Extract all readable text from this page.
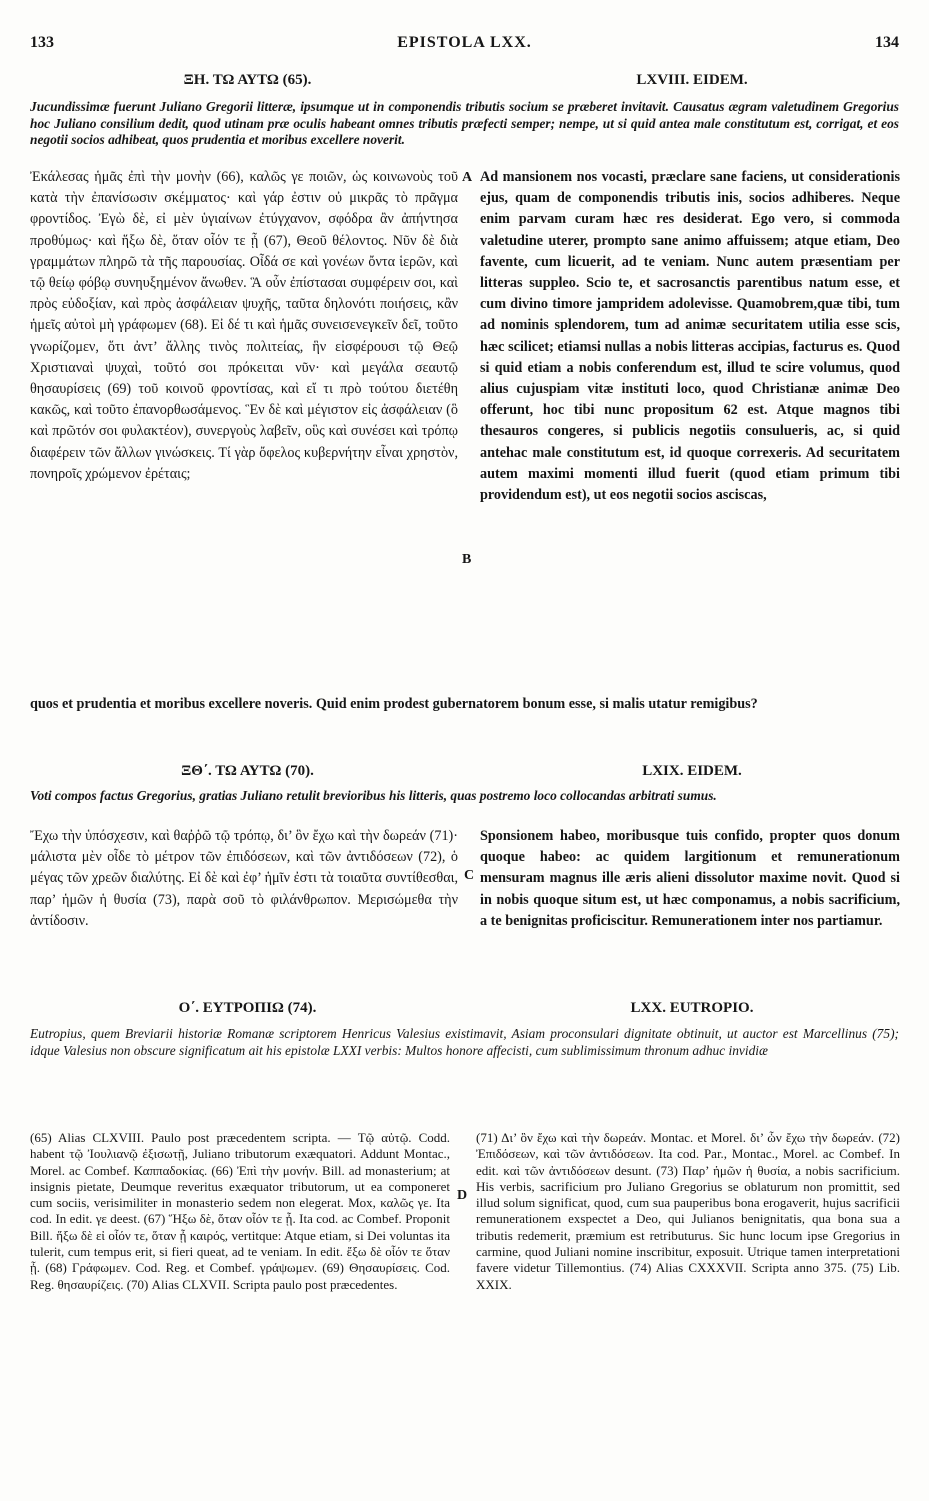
133	EPISTOLA LXX.	134
ΞΗ. ΤΩ ΑΥΤΩ (65).	LXVIII. EIDEM.
Jucundissimæ fuerunt Juliano Gregorii litteræ, ipsumque ut in componendis tributis socium se præberet invitavit. Causatus ægram valetudinem Gregorius hoc Juliano consilium dedit, quod utinam præ oculis habeant omnes tributis præfecti semper; nempe, ut si quid antea male constitutum est, corrigat, et eos negotii socios adhibeat, quos prudentia et moribus excellere noverit.
Ἐκάλεσας ἡμᾶς ἐπὶ τὴν μονὴν (66), καλῶς γε ποιῶν, ὡς κοινωνοὺς τοῦ κατὰ τὴν ἐπανίσωσιν σκέμματος· καὶ γάρ ἐστιν οὐ μικρᾶς τὸ πρᾶγμα φροντίδος. Ἐγὼ δὲ, εἰ μὲν ὑγιαίνων ἐτύγχανον, σφόδρα ἂν ἀπήντησα προθύμως· καὶ ἥξω δὲ, ὅταν οἷόν τε ᾖ (67), Θεοῦ θέλοντος. Νῦν δὲ διὰ γραμμάτων πληρῶ τὰ τῆς παρουσίας. Οἶδά σε καὶ γονέων ὄντα ἱερῶν, καὶ τῷ θείῳ φόβῳ συνηυξημένον ἄνωθεν. Ἃ οὖν ἐπίστασαι συμφέρειν σοι, καὶ πρὸς εὐδοξίαν, καὶ πρὸς ἀσφάλειαν ψυχῆς, ταῦτα δηλονότι ποιήσεις, κἂν ἡμεῖς αὐτοὶ μὴ γράφωμεν (68). Εἰ δέ τι καὶ ἡμᾶς συνεισενεγκεῖν δεῖ, τοῦτο γνωρίζομεν, ὅτι ἀντ’ ἄλλης τινὸς πολιτείας, ἣν εἰσφέρουσι τῷ Θεῷ Χριστιαναὶ ψυχαὶ, τοῦτό σοι πρόκειται νῦν· καὶ μεγάλα σεαυτῷ θησαυρίσεις (69) τοῦ κοινοῦ φροντίσας, καὶ εἴ τι πρὸ τούτου διετέθη κακῶς, καὶ τοῦτο ἐπανορθωσάμενος. Ἓν δὲ καὶ μέγιστον εἰς ἀσφάλειαν (ὃ καὶ πρῶτόν σοι φυλακτέον), συνεργοὺς λαβεῖν, οὓς καὶ συνέσει καὶ τρόπῳ διαφέρειν τῶν ἄλλων γινώσκεις. Τί γὰρ ὄφελος κυβερνήτην εἶναι χρηστὸν, πονηροῖς χρώμενον ἐρέταις;
Ad mansionem nos vocasti, præclare sane faciens, ut considerationis ejus, quam de componendis tributis inis, socios adhiberes. Neque enim parvam curam hæc res desiderat. Ego vero, si commoda valetudine uterer, prompto sane animo affuissem; atque etiam, Deo favente, cum licuerit, ad te veniam. Nunc autem præsentiam per litteras suppleo. Scio te, et sacrosanctis parentibus natum esse, et cum divino timore jampridem adolevisse. Quamobrem,quæ tibi, tum ad nominis splendorem, tum ad animæ securitatem utilia esse scis, hæc scilicet; etiamsi nullas a nobis litteras accipias, facturus es. Quod si quid etiam a nobis conferendum est, illud te scire volumus, quod alius cujuspiam vitæ instituti loco, quod Christianæ animæ Deo offerunt, hoc tibi nunc propositum 62 est. Atque magnos tibi thesauros congeres, si publicis negotiis consulueris, ac, si quid antehac male constitutum est, id quoque correxeris. Ad securitatem autem maximi momenti illud fuerit (quod etiam primum tibi providendum est), ut eos negotii socios asciscas,
A
B
quos et prudentia et moribus excellere noveris. Quid enim prodest gubernatorem bonum esse, si malis utatur remigibus?
ΞΘ΄. ΤΩ ΑΥΤΩ (70).	LXIX. EIDEM.
Voti compos factus Gregorius, gratias Juliano retulit brevioribus his litteris, quas postremo loco collocandas arbitrati sumus.
Ἔχω τὴν ὑπόσχεσιν, καὶ θαῤῥῶ τῷ τρόπῳ, δι’ ὃν ἔχω καὶ τὴν δωρεάν (71)· μάλιστα μὲν οἶδε τὸ μέτρον τῶν ἐπιδόσεων, καὶ τῶν ἀντιδόσεων (72), ὁ μέγας τῶν χρεῶν διαλύτης. Εἰ δὲ καὶ ἐφ’ ἡμῖν ἐστι τὰ τοιαῦτα συντίθεσθαι, παρ’ ἡμῶν ἡ θυσία (73), παρὰ σοῦ τὸ φιλάνθρωπον. Μερισώμεθα τὴν ἀντίδοσιν.
Sponsionem habeo, moribusque tuis confido, propter quos donum quoque habeo: ac quidem largitionum et remunerationum mensuram magnus ille æris alieni dissolutor maxime novit. Quod si in nobis quoque situm est, ut hæc componamus, a nobis sacrificium, a te benignitas proficiscitur. Remunerationem inter nos partiamur.
C
Ο΄. ΕΥΤΡΟΠΙΩ (74).	LXX. EUTROPIO.
Eutropius, quem Breviarii historiæ Romanæ scriptorem Henricus Valesius existimavit, Asiam proconsulari dignitate obtinuit, ut auctor est Marcellinus (75); idque Valesius non obscure significatum ait his epistolæ LXXI verbis: Multos honore affecisti, cum sublimissimum thronum adhuc invidiæ
(65) Alias CLXVIII. Paulo post præcedentem scripta. — Τῷ αὐτῷ. Codd. habent τῷ Ἰουλιανῷ ἐξισωτῇ, Juliano tributorum exæquatori. Addunt Montac., Morel. ac Combef. Καππαδοκίας. (66) Ἐπὶ τὴν μονήν. Bill. ad monasterium; at insignis pietate, Deumque reveritus exæquator tributorum, ut ea componeret cum sociis, verisimiliter in monasterio sedem non elegerat. Mox, καλῶς γε. Ita cod. In edit. γε deest. (67) Ἥξω δὲ, ὅταν οἷόν τε ᾖ. Ita cod. ac Combef. Proponit Bill. ἥξω δὲ εἰ οἷόν τε, ὅταν ᾖ καιρός, vertitque: Atque etiam, si Dei voluntas ita tulerit, cum tempus erit, si fieri queat, ad te veniam. In edit. ἔξω δὲ οἷόν τε ὅταν ᾖ. (68) Γράφωμεν. Cod. Reg. et Combef. γράψωμεν. (69) Θησαυρίσεις. Cod. Reg. θησαυρίζεις. (70) Alias CLXVII. Scripta paulo post præcedentes.
(71) Δι’ ὃν ἔχω καὶ τὴν δωρεάν. Montac. et Morel. δι’ ὧν ἔχω τὴν δωρεάν. (72) Ἐπιδόσεων, καὶ τῶν ἀντιδόσεων. Ita cod. Par., Montac., Morel. ac Combef. In edit. καὶ τῶν ἀντιδόσεων desunt. (73) Παρ’ ἡμῶν ἡ θυσία, a nobis sacrificium. His verbis, sacrificium pro Juliano Gregorius se oblaturum non promittit, sed illud solum significat, quod, cum sua pauperibus bona erogaverit, hujus sacrificii remunerationem exspectet a Deo, qui Julianos benignitatis, qua bona sua a tributis redemerit, præmium est retributurus. Sic hunc locum ipse Gregorius in carmine, quod Juliani nomine inscribitur, exposuit. Utrique tamen interpretationi favere videtur Tillemontius. (74) Alias CXXXVII. Scripta anno 375. (75) Lib. XXIX.
D
